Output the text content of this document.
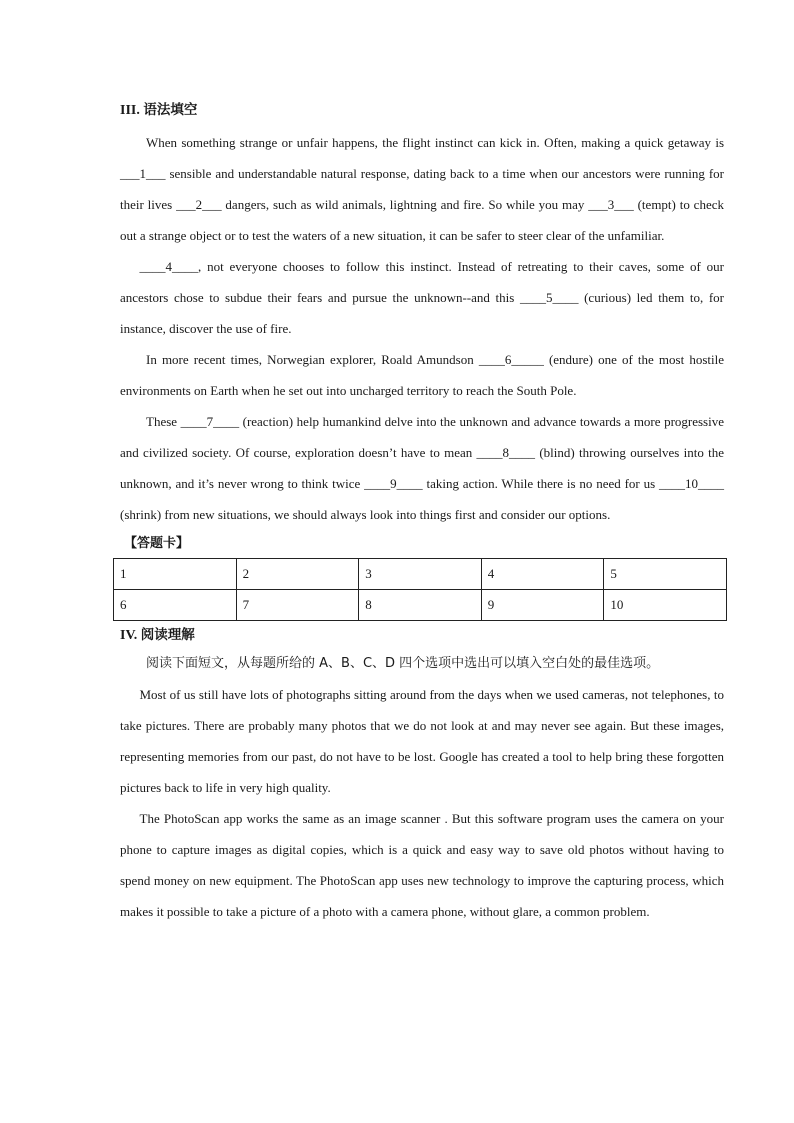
III. 语法填空

When something strange or unfair happens, the flight instinct can kick in. Often, making a quick getaway is ___1___ sensible and understandable natural response, dating back to a time when our ancestors were running for their lives ___2___ dangers, such as wild animals, lightning and fire. So while you may ___3___ (tempt) to check out a strange object or to test the waters of a new situation, it can be safer to steer clear of the unfamiliar.

____4____, not everyone chooses to follow this instinct. Instead of retreating to their caves, some of our ancestors chose to subdue their fears and pursue the unknown--and this ____5____ (curious) led them to, for instance, discover the use of fire.

In more recent times, Norwegian explorer, Roald Amundson ____6_____ (endure) one of the most hostile environments on Earth when he set out into uncharged territory to reach the South Pole.

These ____7____ (reaction) help humankind delve into the unknown and advance towards a more progressive and civilized society. Of course, exploration doesn’t have to mean ____8____ (blind) throwing ourselves into the unknown, and it’s never wrong to think twice ____9____ taking action. While there is no need for us ____10____ (shrink) from new situations, we should always look into things first and consider our options.

【答题卡】
1	2	3	4	5
6	7	8	9	10
IV. 阅读理解

阅读下面短文，从每题所给的 A、B、C、D 四个选项中选出可以填入空白处的最佳选项。

Most of us still have lots of photographs sitting around from the days when we used cameras, not telephones, to take pictures. There are probably many photos that we do not look at and may never see again. But these images, representing memories from our past, do not have to be lost. Google has created a tool to help bring these forgotten pictures back to life in very high quality.

The PhotoScan app works the same as an image scanner . But this software program uses the camera on your phone to capture images as digital copies, which is a quick and easy way to save old photos without having to spend money on new equipment. The PhotoScan app uses new technology to improve the capturing process, which makes it possible to take a picture of a photo with a camera phone, without glare, a common problem.
